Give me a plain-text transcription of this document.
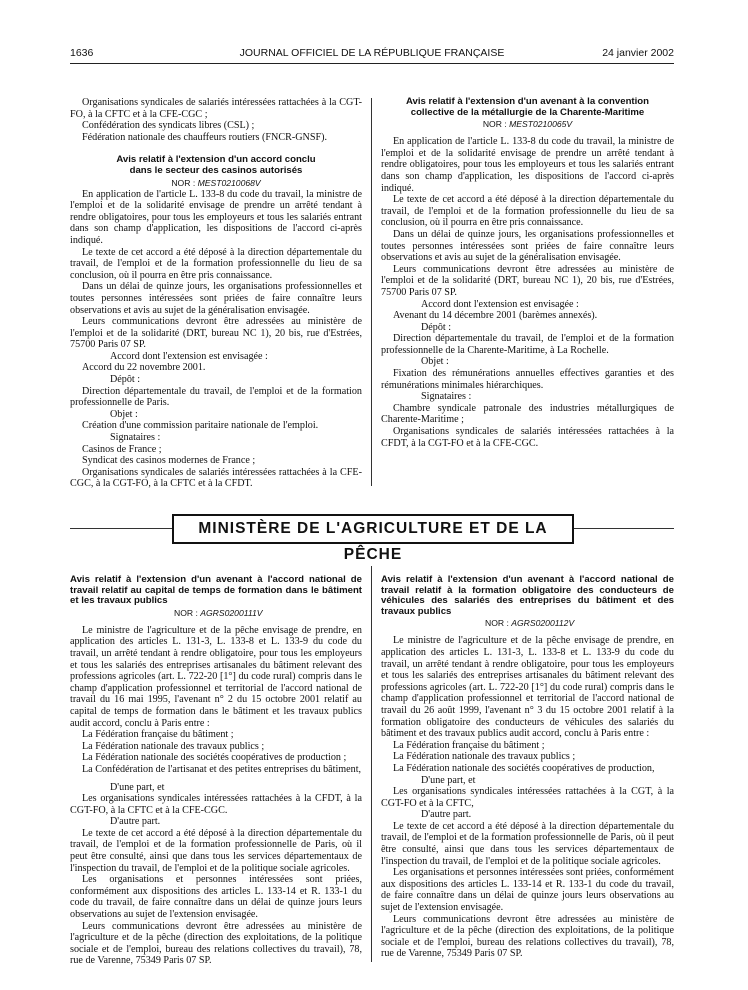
1636	JOURNAL OFFICIEL DE LA RÉPUBLIQUE FRANÇAISE	24 janvier 2002

Organisations syndicales de salariés intéressées rattachées à la CGT-FO, à la CFTC et à la CFE-CGC ;

Confédération des syndicats libres (CSL) ;

Fédération nationale des chauffeurs routiers (FNCR-GNSF).

Avis relatif à l'extension d'un accord conclu dans le secteur des casinos autorisés

NOR : MEST0210068V

En application de l'article L. 133-8 du code du travail, la ministre de l'emploi et de la solidarité envisage de prendre un arrêté tendant à rendre obligatoires, pour tous les employeurs et tous les salariés entrant dans son champ d'application, les dispositions de l'accord ci-après indiqué.

Le texte de cet accord a été déposé à la direction départementale du travail, de l'emploi et de la formation professionnelle du lieu de sa conclusion, où il pourra en être pris connaissance.

Dans un délai de quinze jours, les organisations professionnelles et toutes personnes intéressées sont priées de faire connaître leurs observations et avis au sujet de la généralisation envisagée.

Leurs communications devront être adressées au ministère de l'emploi et de la solidarité (DRT, bureau NC 1), 20 bis, rue d'Estrées, 75700 Paris 07 SP.

Accord dont l'extension est envisagée :

Accord du 22 novembre 2001.

Dépôt :

Direction départementale du travail, de l'emploi et de la formation professionnelle de Paris.

Objet :

Création d'une commission paritaire nationale de l'emploi.

Signataires :

Casinos de France ;

Syndicat des casinos modernes de France ;

Organisations syndicales de salariés intéressées rattachées à la CFE-CGC, à la CGT-FO, à la CFTC et à la CFDT.

Avis relatif à l'extension d'un avenant à la convention collective de la métallurgie de la Charente-Maritime

NOR : MEST0210065V

En application de l'article L. 133-8 du code du travail, la ministre de l'emploi et de la solidarité envisage de prendre un arrêté tendant à rendre obligatoires, pour tous les employeurs et tous les salariés entrant dans son champ d'application, les dispositions de l'accord ci-après indiqué.

Le texte de cet accord a été déposé à la direction départementale du travail, de l'emploi et de la formation professionnelle du lieu de sa conclusion, où il pourra en être pris connaissance.

Dans un délai de quinze jours, les organisations professionnelles et toutes personnes intéressées sont priées de faire connaître leurs observations et avis au sujet de la généralisation envisagée.

Leurs communications devront être adressées au ministère de l'emploi et de la solidarité (DRT, bureau NC 1), 20 bis, rue d'Estrées, 75700 Paris 07 SP.

Accord dont l'extension est envisagée :

Avenant du 14 décembre 2001 (barèmes annexés).

Dépôt :

Direction départementale du travail, de l'emploi et de la formation professionnelle de la Charente-Maritime, à La Rochelle.

Objet :

Fixation des rémunérations annuelles effectives garanties et des rémunérations minimales hiérarchiques.

Signataires :

Chambre syndicale patronale des industries métallurgiques de Charente-Maritime ;

Organisations syndicales de salariés intéressées rattachées à la CFDT, à la CGT-FO et à la CFE-CGC.

MINISTÈRE DE L'AGRICULTURE ET DE LA PÊCHE

Avis relatif à l'extension d'un avenant à l'accord national de travail relatif au capital de temps de formation dans le bâtiment et les travaux publics

NOR : AGRS0200111V

Le ministre de l'agriculture et de la pêche envisage de prendre, en application des articles L. 131-3, L. 133-8 et L. 133-9 du code du travail, un arrêté tendant à rendre obligatoire, pour tous les employeurs et tous les salariés des entreprises artisanales du bâtiment relevant des professions agricoles (art. L. 722-20 [1°] du code rural) compris dans le champ d'application professionnel et territorial de l'accord national de travail du 16 mai 1995, l'avenant n° 2 du 15 octobre 2001 relatif au capital de temps de formation dans le bâtiment et les travaux publics audit accord, conclu à Paris entre :

La Fédération française du bâtiment ;

La Fédération nationale des travaux publics ;

La Fédération nationale des sociétés coopératives de production ;

La Confédération de l'artisanat et des petites entreprises du bâtiment,

D'une part, et

Les organisations syndicales intéressées rattachées à la CFDT, à la CGT-FO, à la CFTC et à la CFE-CGC.

D'autre part.

Le texte de cet accord a été déposé à la direction départementale du travail, de l'emploi et de la formation professionnelle de Paris, où il peut être consulté, ainsi que dans tous les services départementaux de l'inspection du travail, de l'emploi et de la politique sociale agricoles.

Les organisations et personnes intéressées sont priées, conformément aux dispositions des articles L. 133-14 et R. 133-1 du code du travail, de faire connaître dans un délai de quinze jours leurs observations au sujet de l'extension envisagée.

Leurs communications devront être adressées au ministère de l'agriculture et de la pêche (direction des exploitations, de la politique sociale et de l'emploi, bureau des relations collectives du travail), 78, rue de Varenne, 75349 Paris 07 SP.

Avis relatif à l'extension d'un avenant à l'accord national de travail relatif à la formation obligatoire des conducteurs de véhicules des salariés des entreprises du bâtiment et des travaux publics

NOR : AGRS0200112V

Le ministre de l'agriculture et de la pêche envisage de prendre, en application des articles L. 131-3, L. 133-8 et L. 133-9 du code du travail, un arrêté tendant à rendre obligatoire, pour tous les employeurs et tous les salariés des entreprises artisanales du bâtiment relevant des professions agricoles (art. L. 722-20 [1°] du code rural) compris dans le champ d'application professionnel et territorial de l'accord national de travail du 26 août 1999, l'avenant n° 3 du 15 octobre 2001 relatif à la formation obligatoire des conducteurs de véhicules des salariés du bâtiment et des travaux publics audit accord, conclu à Paris entre :

La Fédération française du bâtiment ;

La Fédération nationale des travaux publics ;

La Fédération nationale des sociétés coopératives de production,

D'une part, et

Les organisations syndicales intéressées rattachées à la CGT, à la CGT-FO et à la CFTC,

D'autre part.

Le texte de cet accord a été déposé à la direction départementale du travail, de l'emploi et de la formation professionnelle de Paris, où il peut être consulté, ainsi que dans tous les services départementaux de l'inspection du travail, de l'emploi et de la politique sociale agricoles.

Les organisations et personnes intéressées sont priées, conformément aux dispositions des articles L. 133-14 et R. 133-1 du code du travail, de faire connaître dans un délai de quinze jours leurs observations au sujet de l'extension envisagée.

Leurs communications devront être adressées au ministère de l'agriculture et de la pêche (direction des exploitations, de la politique sociale et de l'emploi, bureau des relations collectives du travail), 78, rue de Varenne, 75349 Paris 07 SP.
